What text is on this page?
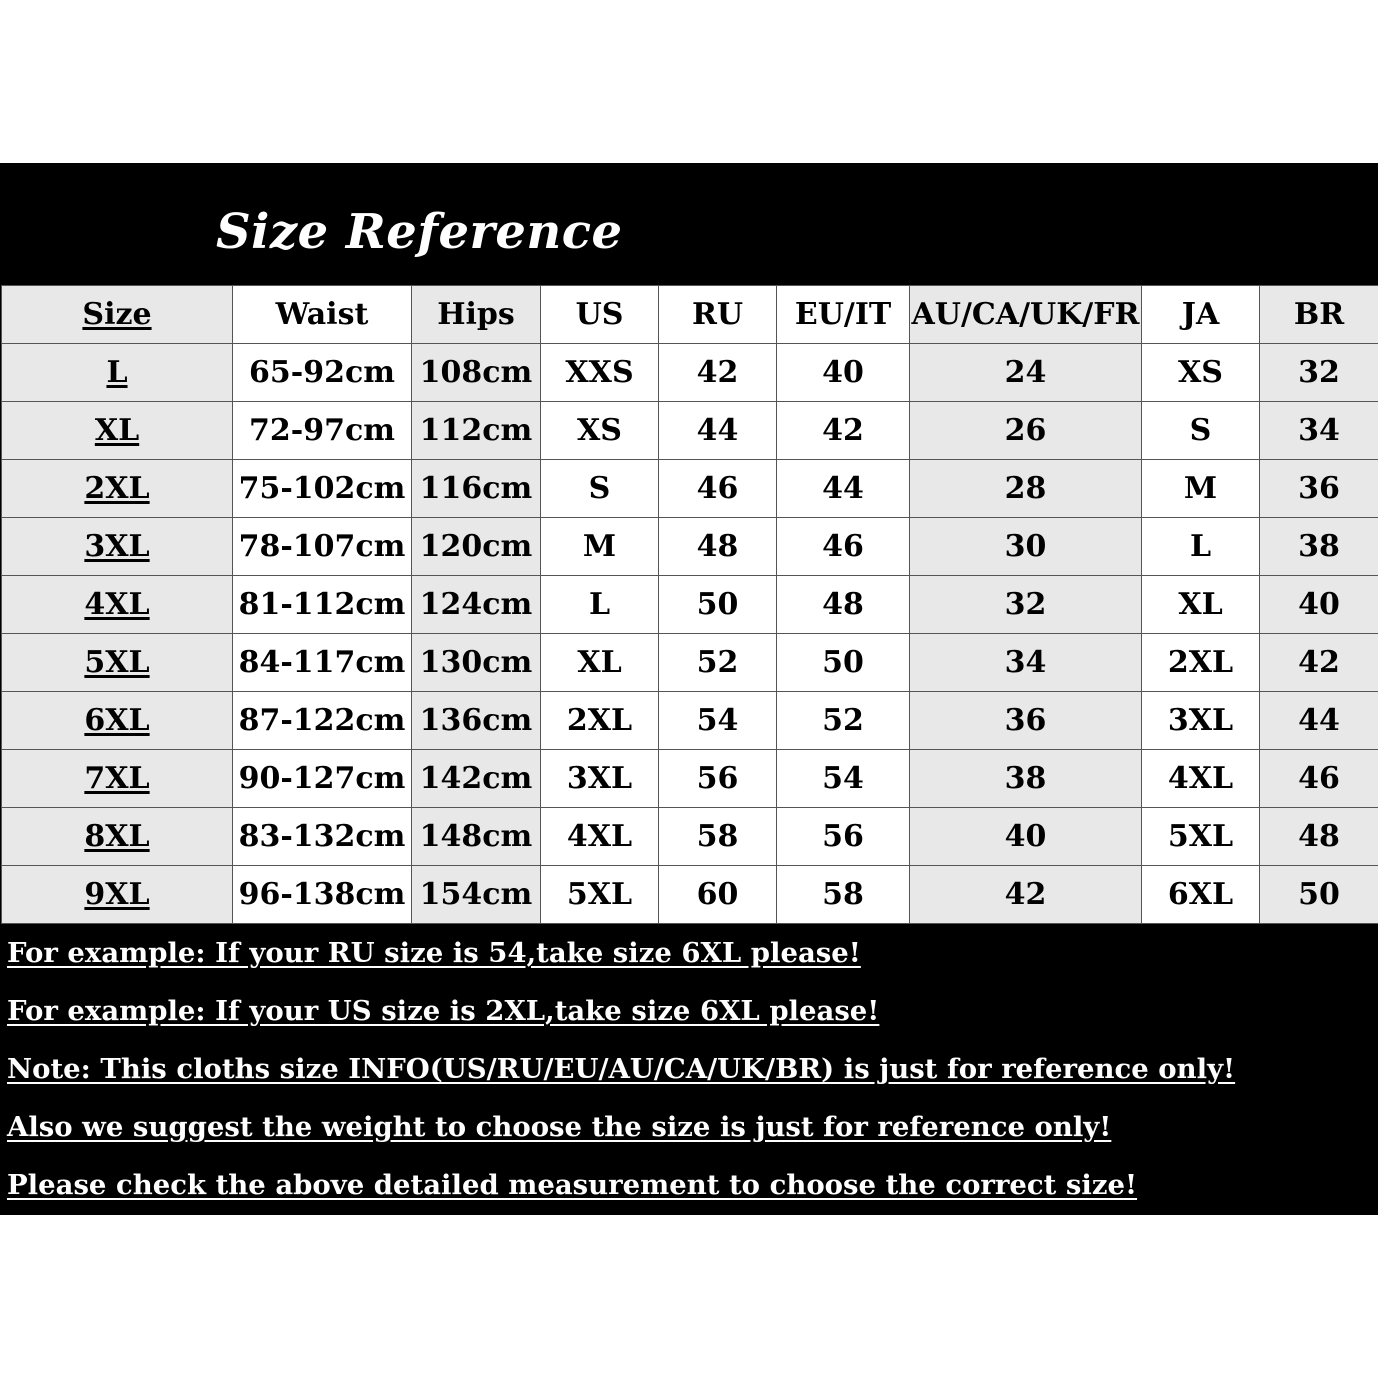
Size Reference
Size	Waist	Hips	US	RU	EU/IT	AU/CA/UK/FR	JA	BR
L	65-92cm	108cm	XXS	42	40	24	XS	32
XL	72-97cm	112cm	XS	44	42	26	S	34
2XL	75-102cm	116cm	S	46	44	28	M	36
3XL	78-107cm	120cm	M	48	46	30	L	38
4XL	81-112cm	124cm	L	50	48	32	XL	40
5XL	84-117cm	130cm	XL	52	50	34	2XL	42
6XL	87-122cm	136cm	2XL	54	52	36	3XL	44
7XL	90-127cm	142cm	3XL	56	54	38	4XL	46
8XL	83-132cm	148cm	4XL	58	56	40	5XL	48
9XL	96-138cm	154cm	5XL	60	58	42	6XL	50
For example: If your RU size is 54,take size 6XL please!
For example: If your US size is 2XL,take size 6XL please!
Note: This cloths size INFO(US/RU/EU/AU/CA/UK/BR) is just for reference only!
Also we suggest the weight to choose the size is just for reference only!
Please check the above detailed measurement to choose the correct size!
